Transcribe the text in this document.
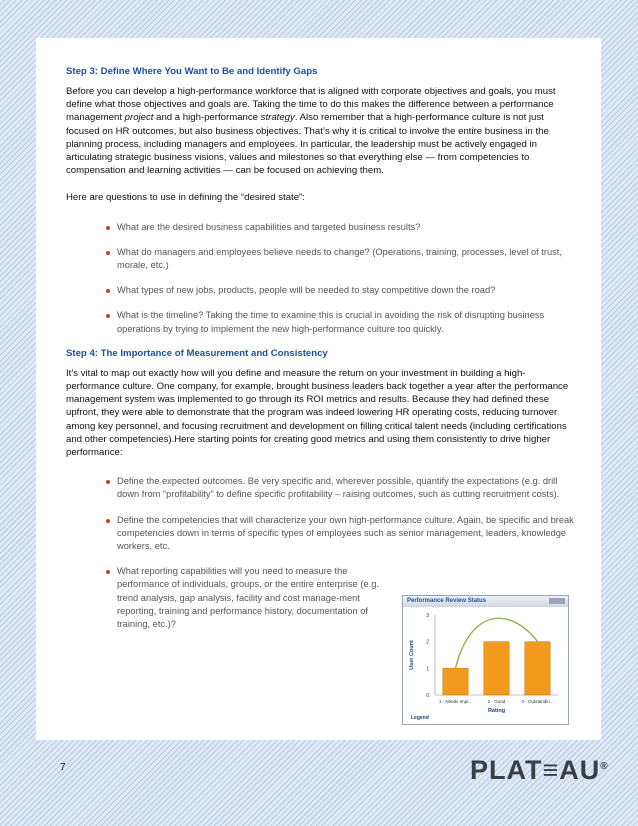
Step 3: Define Where You Want to Be and Identify Gaps

Before you can develop a high-performance workforce that is aligned with corporate objectives and goals, you must define what those objectives and goals are. Taking the time to do this makes the difference between a performance management project and a high-performance strategy. Also remember that a high-performance culture is not just focused on HR outcomes, but also business objectives. That’s why it is critical to involve the entire business in the planning process, including managers and employees. In particular, the leadership must be actively engaged in articulating strategic business visions, values and milestones so that everything else — from competencies to compensation and learning activities — can be focused on achieving them.

Here are questions to use in defining the “desired state”:

What are the desired business capabilities and targeted business results?
What do managers and employees believe needs to change? (Operations, training, processes, level of trust, morale, etc.)
What types of new jobs, products, people will be needed to stay competitive down the road?
What is the timeline? Taking the time to examine this is crucial in avoiding the risk of disrupting business operations by trying to implement the new high-performance culture too quickly.
Step 4: The Importance of Measurement and Consistency

It’s vital to map out exactly how will you define and measure the return on your investment in building a high-performance culture. One company, for example, brought business leaders back together a year after the performance management system was implemented to go through its ROI metrics and results. Because they had defined these upfront, they were able to demonstrate that the program was indeed lowering HR operating costs, reducing turnover among key personnel, and focusing recruitment and development on filling critical talent needs (including certifications and other competencies).Here starting points for creating good metrics and using them consistently to drive higher performance:

Define the expected outcomes. Be very specific and, wherever possible, quantify the expectations (e.g. drill down from “profitability” to define specific profitability – raising outcomes, such as cutting recruitment costs).
Define the competencies that will characterize your own high-performance culture. Again, be specific and break competencies down in terms of specific types of employees such as senior management, leaders, knowledge workers, etc.
What reporting capabilities will you need to measure the performance of individuals, groups, or the entire enterprise (e.g. trend analysis, gap analysis, facility and cost manage-ment reporting, training and performance history, documentation of training, etc.)?
Performance Review Status
0
1
2
3
1 - Needs Impr...	2 - Good	3 - Outstandin...
Rating
User Count
Legend
7	PLAT≡AU®
